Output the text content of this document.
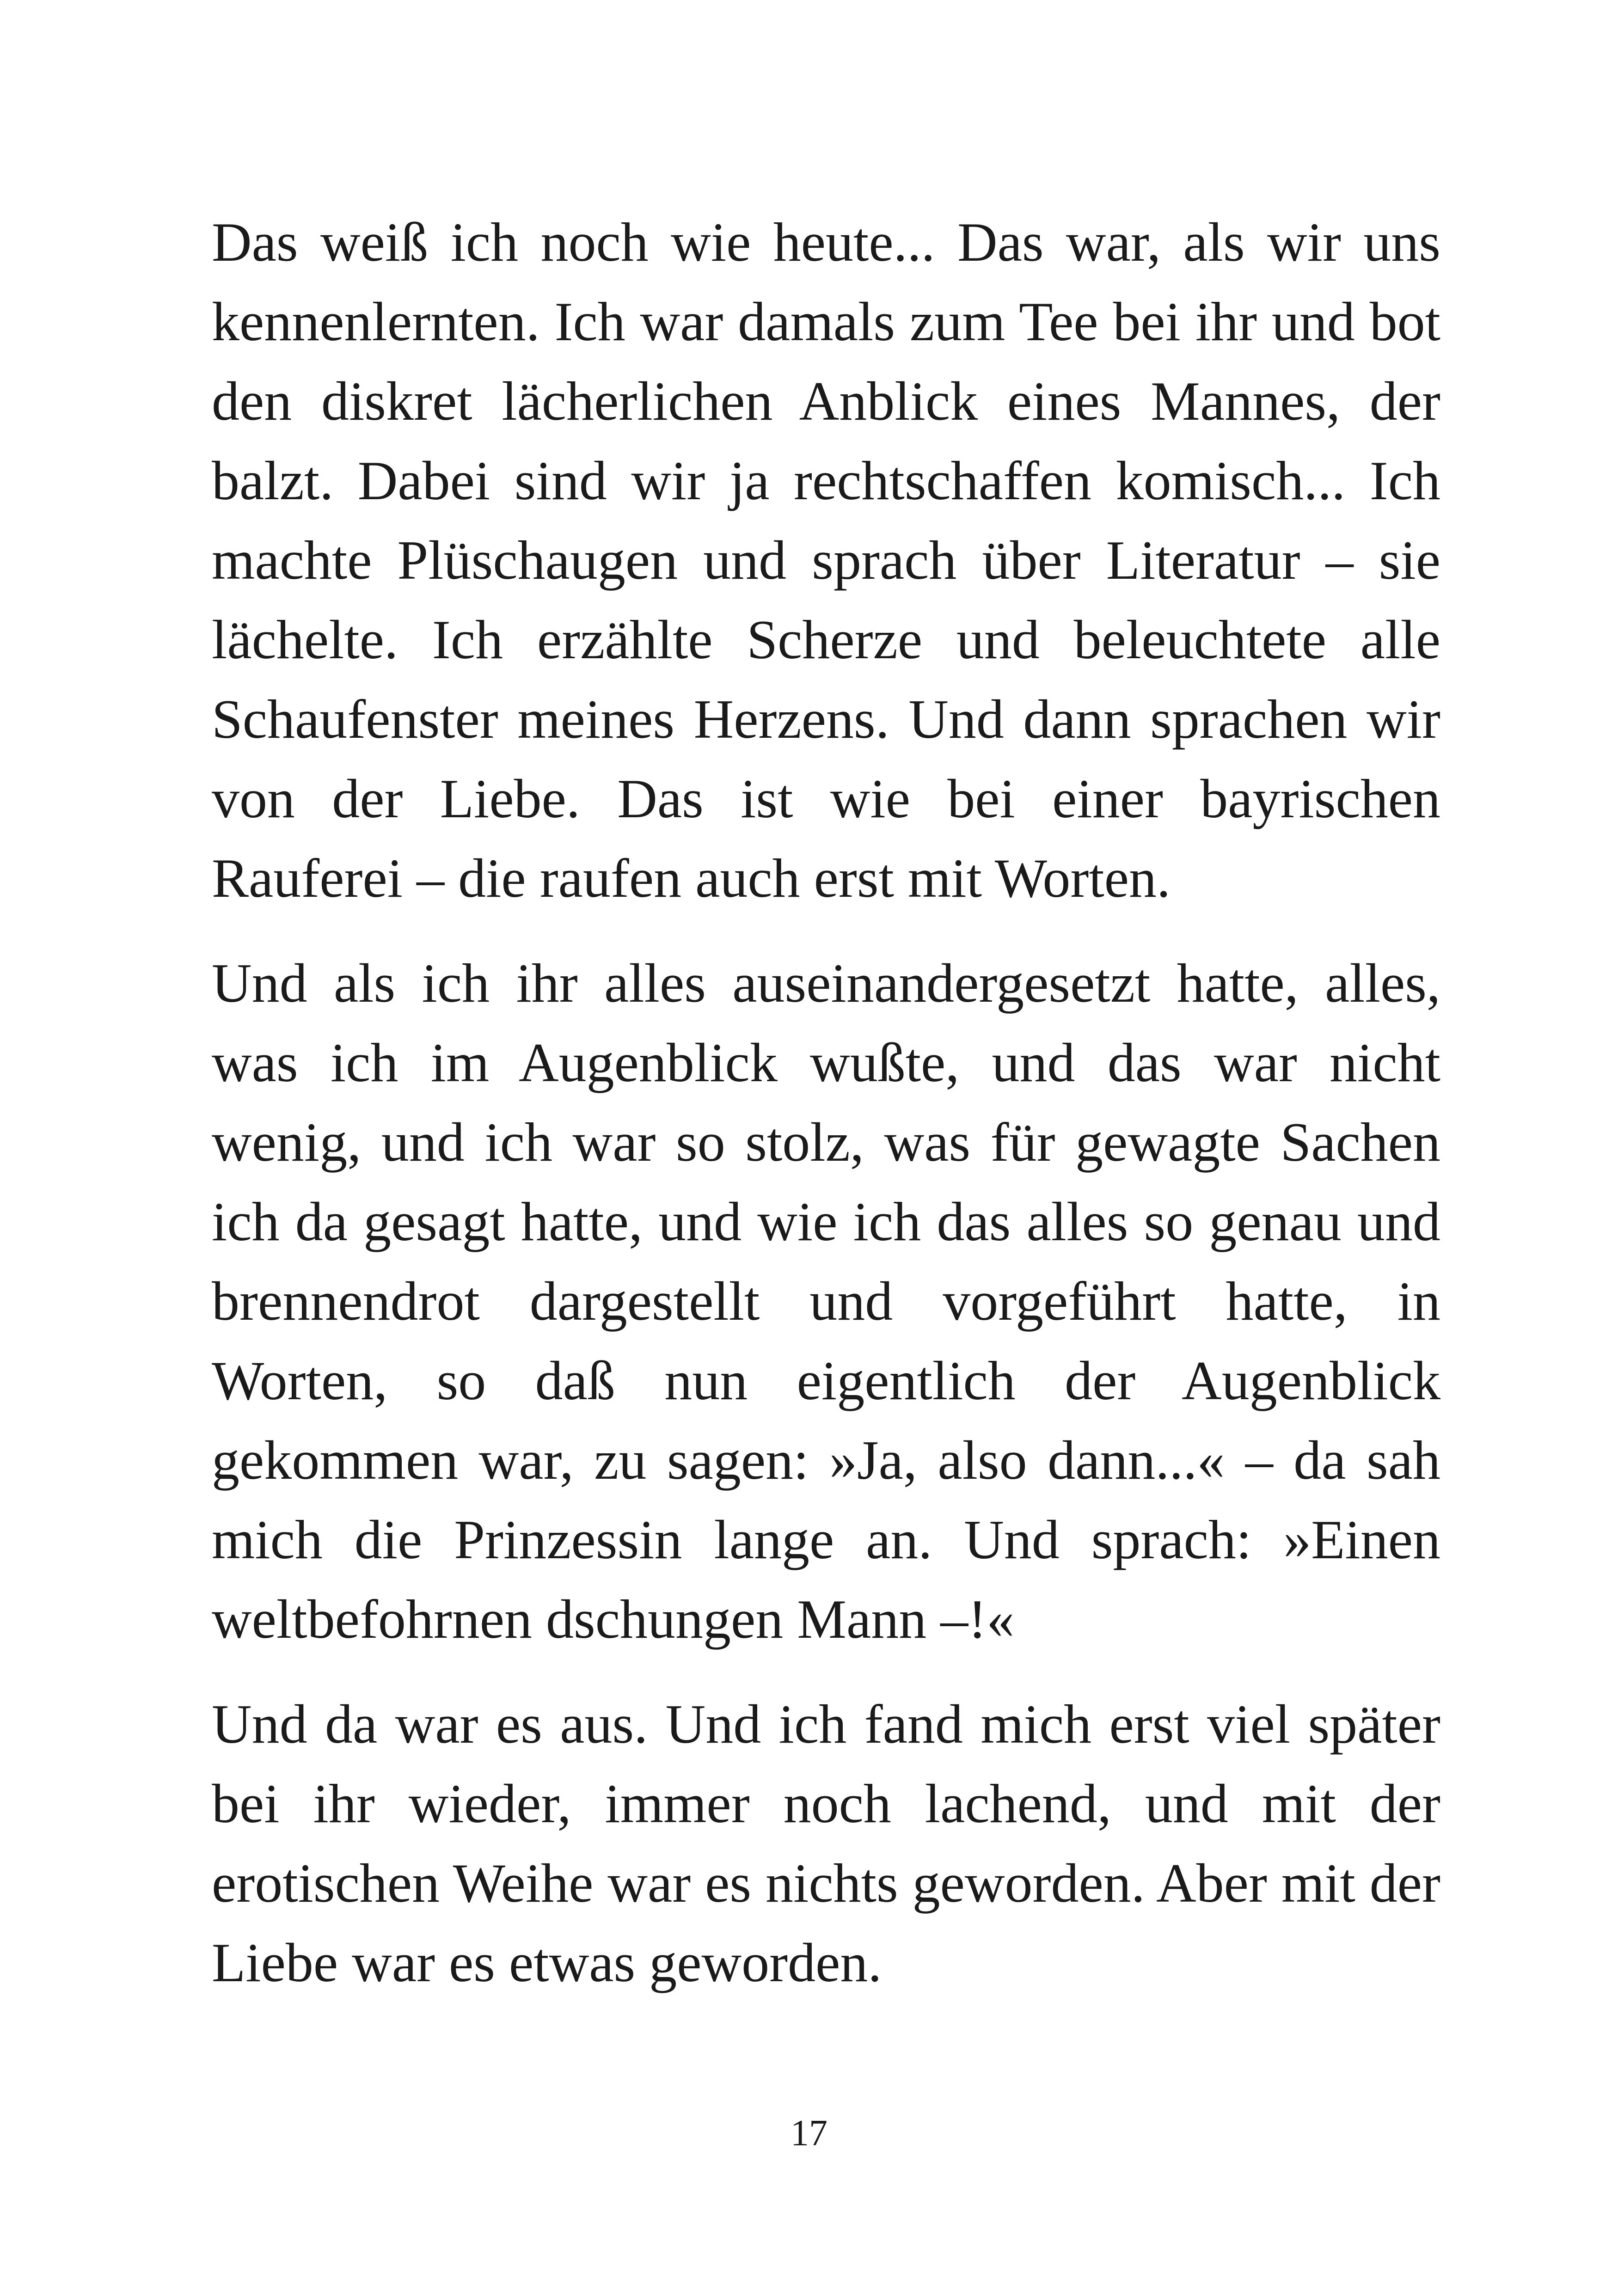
Das weiß ich noch wie heute... Das war, als wir uns kennenlernten. Ich war damals zum Tee bei ihr und bot den diskret lächerlichen Anblick eines Mannes, der balzt. Dabei sind wir ja rechtschaffen komisch... Ich machte Plüschaugen und sprach über Literatur – sie lächelte. Ich erzählte Scherze und beleuchtete alle Schaufenster meines Herzens. Und dann sprachen wir von der Liebe. Das ist wie bei einer bayrischen Rauferei – die raufen auch erst mit Worten.

Und als ich ihr alles auseinandergesetzt hatte, alles, was ich im Augenblick wußte, und das war nicht wenig, und ich war so stolz, was für gewagte Sachen ich da gesagt hatte, und wie ich das alles so genau und brennendrot dargestellt und vorgeführt hatte, in Worten, so daß nun eigentlich der Augenblick gekommen war, zu sagen: »Ja, also dann...« – da sah mich die Prinzessin lange an. Und sprach: »Einen weltbefohrnen dschungen Mann –!«

Und da war es aus. Und ich fand mich erst viel später bei ihr wieder, immer noch lachend, und mit der erotischen Weihe war es nichts geworden. Aber mit der Liebe war es etwas geworden.

17
